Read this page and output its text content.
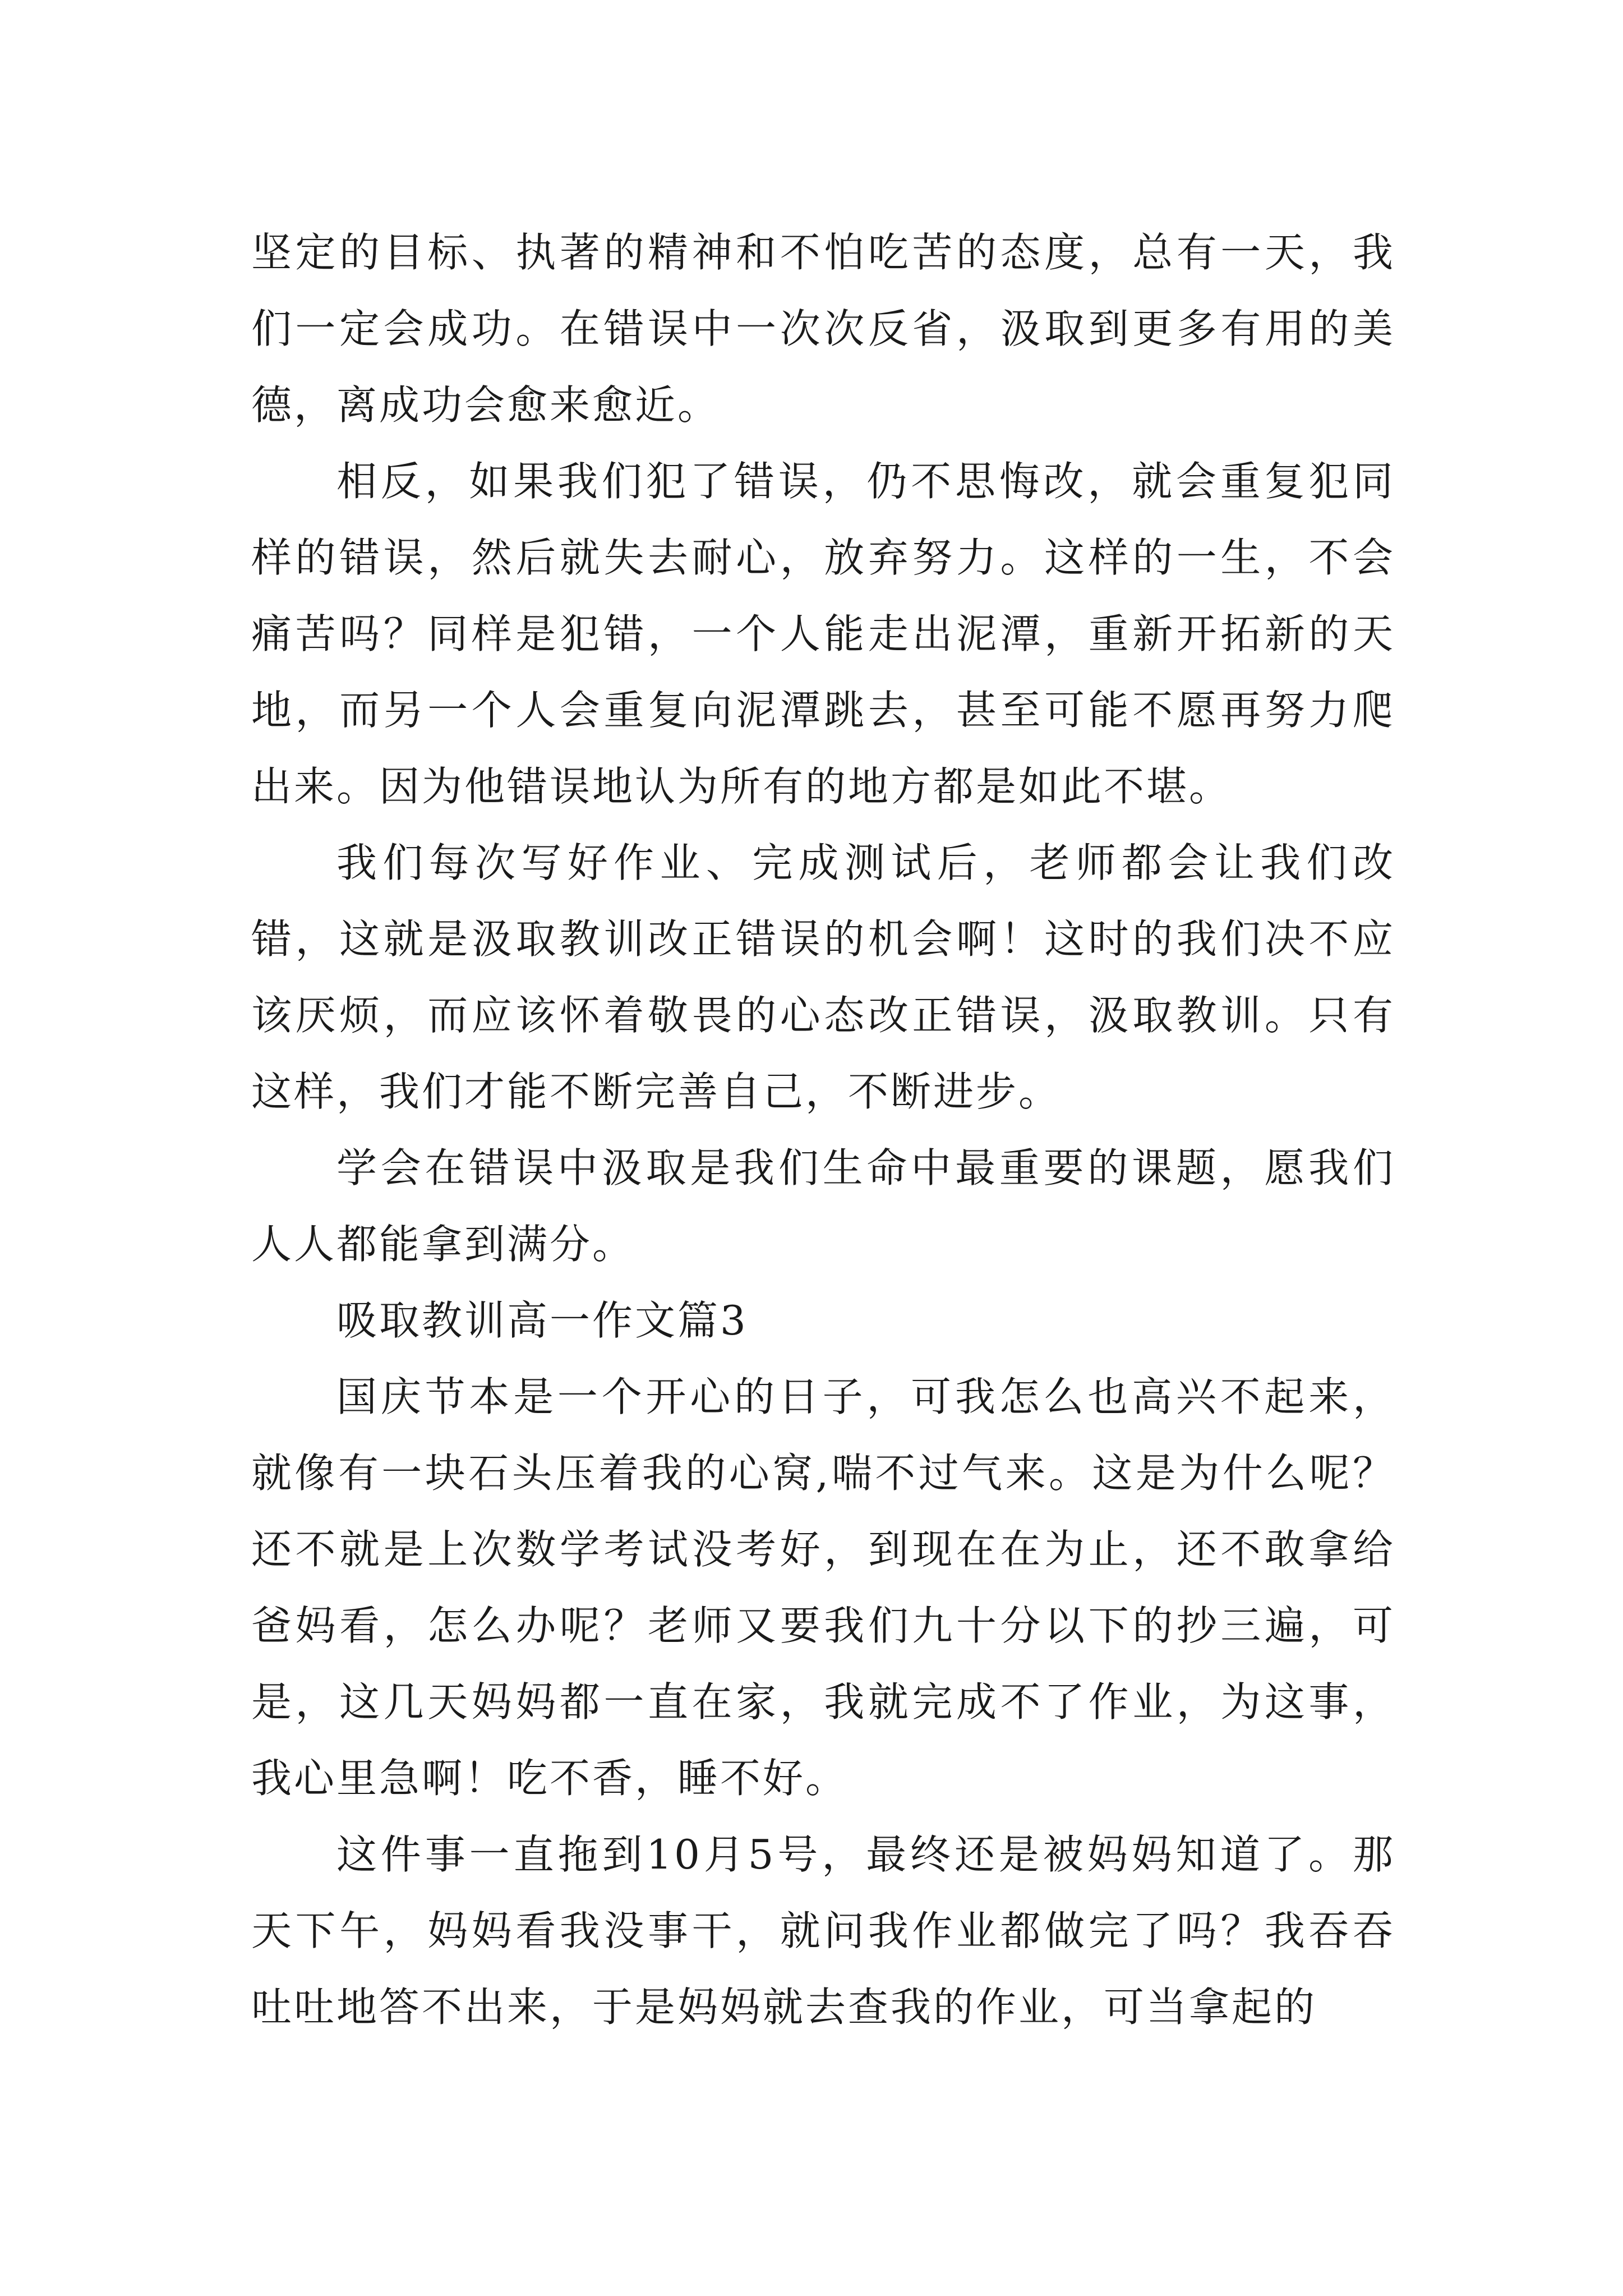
坚定的目标、执著的精神和不怕吃苦的态度，总有一天，我们一定会成功。在错误中一次次反省，汲取到更多有用的美德，离成功会愈来愈近。

相反，如果我们犯了错误，仍不思悔改，就会重复犯同样的错误，然后就失去耐心，放弃努力。这样的一生，不会痛苦吗？同样是犯错，一个人能走出泥潭，重新开拓新的天地，而另一个人会重复向泥潭跳去，甚至可能不愿再努力爬出来。因为他错误地认为所有的地方都是如此不堪。

我们每次写好作业、完成测试后，老师都会让我们改错，这就是汲取教训改正错误的机会啊！这时的我们决不应该厌烦，而应该怀着敬畏的心态改正错误，汲取教训。只有这样，我们才能不断完善自己，不断进步。

学会在错误中汲取是我们生命中最重要的课题，愿我们人人都能拿到满分。

吸取教训高一作文篇3

国庆节本是一个开心的日子，可我怎么也高兴不起来，就像有一块石头压着我的心窝,喘不过气来。这是为什么呢？还不就是上次数学考试没考好，到现在在为止，还不敢拿给爸妈看，怎么办呢？老师又要我们九十分以下的抄三遍，可是，这几天妈妈都一直在家，我就完成不了作业，为这事，我心里急啊！吃不香，睡不好。

这件事一直拖到10月5号，最终还是被妈妈知道了。那天下午，妈妈看我没事干，就问我作业都做完了吗？我吞吞吐吐地答不出来，于是妈妈就去查我的作业，可当拿起的
